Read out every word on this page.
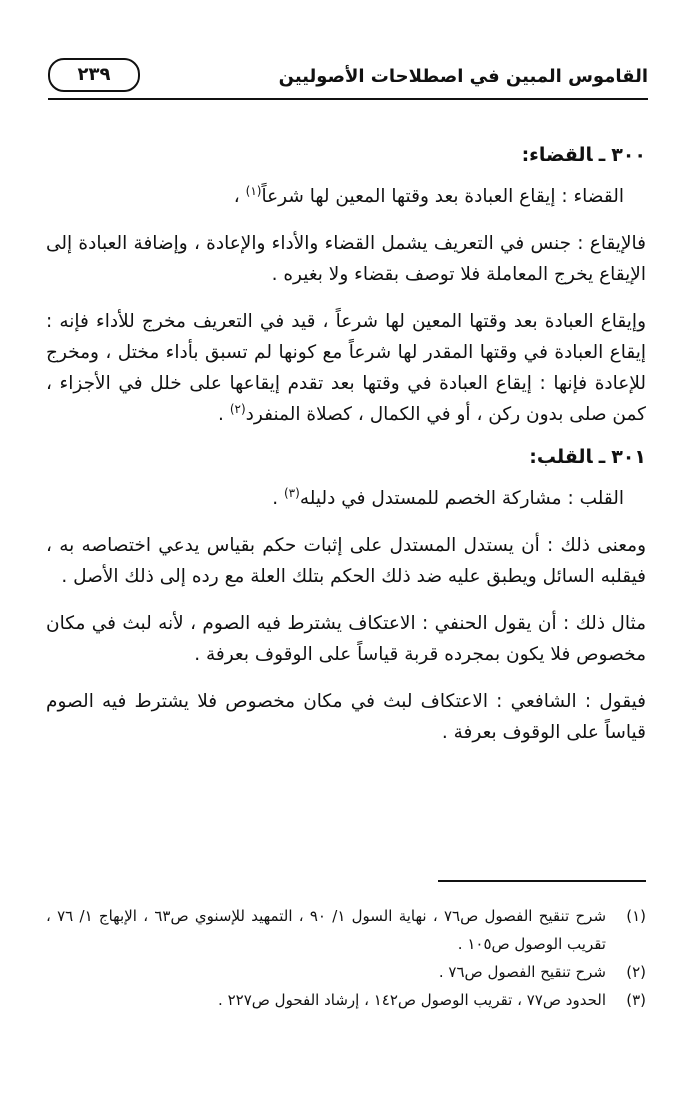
القاموس المبين في اصطلاحات الأصوليين
٢٣٩
٣٠٠ـالقضاء:

القضاء : إيقاع العبادة بعد وقتها المعين لها شرعاً$^{(١)}$ ،

فالإيقاع : جنس في التعريف يشمل القضاء والأداء والإعادة ، وإضافة العبادة إلى الإيقاع يخرج المعاملة فلا توصف بقضاء ولا بغيره .

وإيقاع العبادة بعد وقتها المعين لها شرعاً ، قيد في التعريف مخرج للأداء فإنه : إيقاع العبادة في وقتها المقدر لها شرعاً مع كونها لم تسبق بأداء مختل ، ومخرج للإعادة فإنها : إيقاع العبادة في وقتها بعد تقدم إيقاعها على خلل في الأجزاء ، كمن صلى بدون ركن ، أو في الكمال ، كصلاة المنفرد$^{(٢)}$ .

٣٠١ـالقلب:

القلب : مشاركة الخصم للمستدل في دليله$^{(٣)}$ .

ومعنى ذلك : أن يستدل المستدل على إثبات حكم بقياس يدعي اختصاصه به ، فيقلبه السائل ويطبق عليه ضد ذلك الحكم بتلك العلة مع رده إلى ذلك الأصل .

مثال ذلك : أن يقول الحنفي : الاعتكاف يشترط فيه الصوم ، لأنه لبث في مكان مخصوص فلا يكون بمجرده قربة قياساً على الوقوف بعرفة .

فيقول : الشافعي : الاعتكاف لبث في مكان مخصوص فلا يشترط فيه الصوم قياساً على الوقوف بعرفة .

(١)
شرح تنقيح الفصول ص٧٦ ، نهاية السول ١/ ٩٠ ، التمهيد للإسنوي ص٦٣ ، الإبهاج ١/ ٧٦ ، تقريب الوصول ص١٠٥ .
(٢)
شرح تنقيح الفصول ص٧٦ .
(٣)
الحدود ص٧٧ ، تقريب الوصول ص١٤٢ ، إرشاد الفحول ص٢٢٧ .
